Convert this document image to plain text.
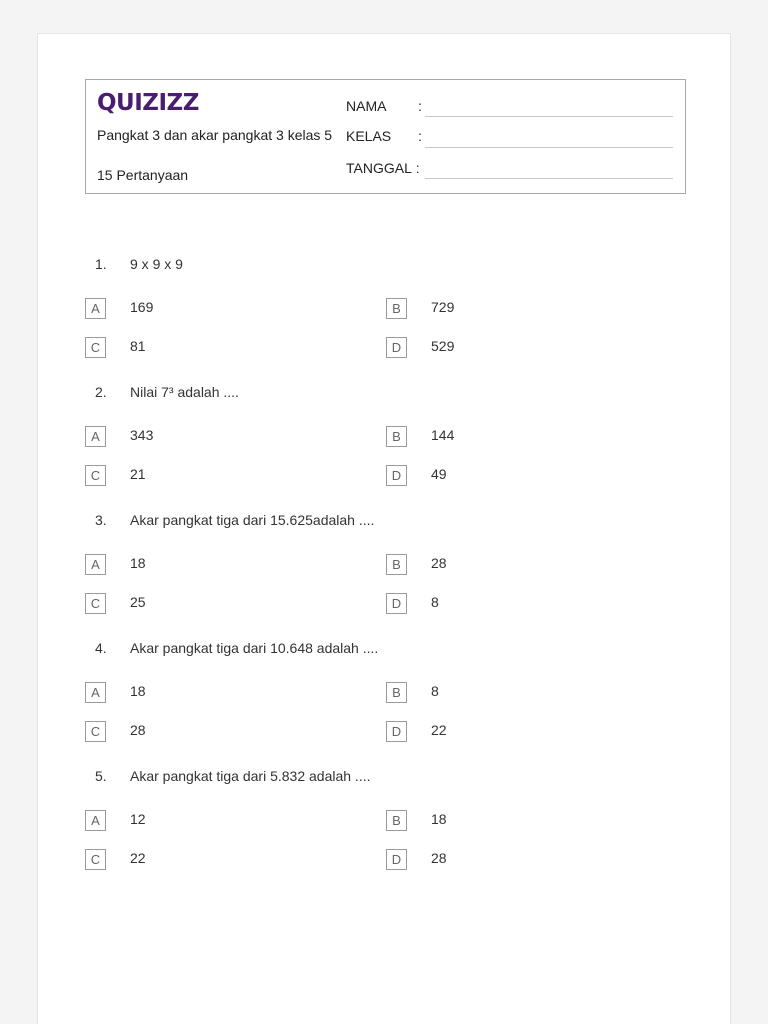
QUIZIZZ
Pangkat 3 dan akar pangkat 3 kelas 5
15 Pertanyaan
NAMA :
KELAS :
TANGGAL :
1. 9 x 9 x 9
A	169	B	729
C	81	D	529
2. Nilai 7³ adalah ....
A	343	B	144
C	21	D	49
3. Akar pangkat tiga dari 15.625adalah ....
A	18	B	28
C	25	D	8
4. Akar pangkat tiga dari 10.648 adalah ....
A	18	B	8
C	28	D	22
5. Akar pangkat tiga dari 5.832 adalah ....
A	12	B	18
C	22	D	28
